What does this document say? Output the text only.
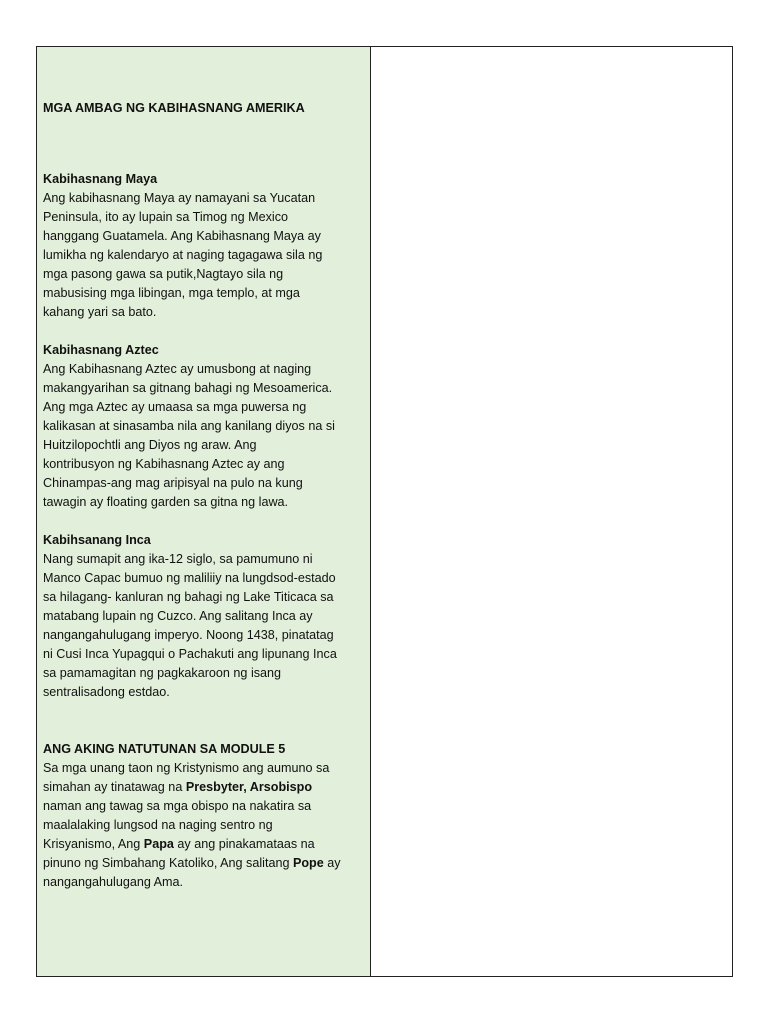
MGA AMBAG NG KABIHASNANG AMERIKA

Kabihasnang Maya

Ang kabihasnang Maya ay namayani sa Yucatan

Peninsula, ito ay lupain sa Timog ng Mexico

hanggang Guatamela. Ang Kabihasnang Maya ay

lumikha ng kalendaryo at naging tagagawa sila ng

mga pasong gawa sa putik,Nagtayo sila ng

mabusising mga libingan, mga templo, at mga

kahang yari sa bato.

Kabihasnang Aztec

Ang Kabihasnang Aztec ay umusbong at naging

makangyarihan sa gitnang bahagi ng Mesoamerica.

Ang mga Aztec ay umaasa sa mga puwersa ng

kalikasan at sinasamba nila ang kanilang diyos na si

Huitzilopochtli ang Diyos ng araw. Ang

kontribusyon ng Kabihasnang Aztec ay ang

Chinampas-ang mag aripisyal na pulo na kung

tawagin ay floating garden sa gitna ng lawa.

Kabihsanang Inca

Nang sumapit ang ika-12 siglo, sa pamumuno ni

Manco Capac bumuo ng maliliiy na lungdsod-estado

sa hilagang- kanluran ng bahagi ng Lake Titicaca sa

matabang lupain ng Cuzco. Ang salitang Inca ay

nangangahulugang imperyo. Noong 1438, pinatatag

ni Cusi Inca Yupagqui o Pachakuti ang lipunang Inca

sa pamamagitan ng pagkakaroon ng isang

sentralisadong estdao.

ANG AKING NATUTUNAN SA MODULE 5

Sa mga unang taon ng Kristynismo ang aumuno sa

simahan ay tinatawag na Presbyter, Arsobispo

naman ang tawag sa mga obispo na nakatira sa

maalalaking lungsod na naging sentro ng

Krisyanismo, Ang Papa ay ang pinakamataas na

pinuno ng Simbahang Katoliko, Ang salitang Pope ay

nangangahulugang Ama.
